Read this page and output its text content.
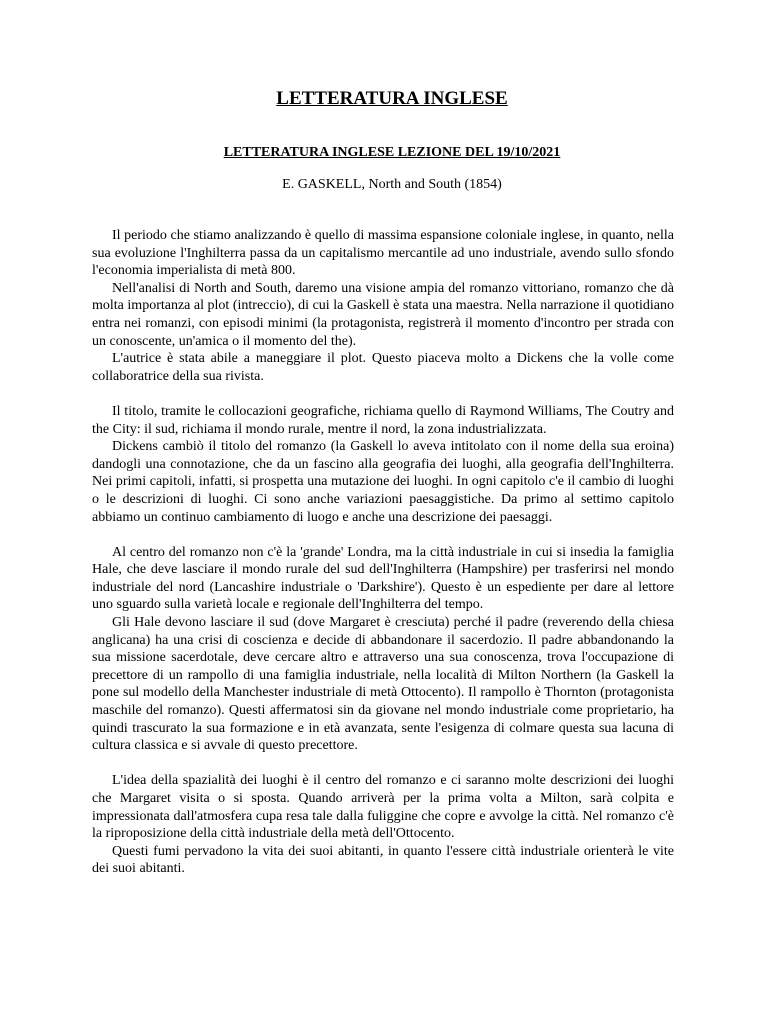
LETTERATURA INGLESE
LETTERATURA INGLESE LEZIONE DEL 19/10/2021

E. GASKELL, North and South (1854)

Il periodo che stiamo analizzando è quello di massima espansione coloniale inglese, in quanto, nella sua evoluzione l'Inghilterra passa da un capitalismo mercantile ad uno industriale, avendo sullo sfondo l'economia imperialista di metà 800.

Nell'analisi di North and South, daremo una visione ampia del romanzo vittoriano, romanzo che dà molta importanza al plot (intreccio), di cui la Gaskell è stata una maestra. Nella narrazione il quotidiano entra nei romanzi, con episodi minimi (la protagonista, registrerà il momento d'incontro per strada con un conoscente, un'amica o il momento del the).

L'autrice è stata abile a maneggiare il plot. Questo piaceva molto a Dickens che la volle come collaboratrice della sua rivista.

Il titolo, tramite le collocazioni geografiche, richiama quello di Raymond Williams, The Coutry and the City: il sud, richiama il mondo rurale, mentre il nord, la zona industrializzata.

Dickens cambiò il titolo del romanzo (la Gaskell lo aveva intitolato con il nome della sua eroina) dandogli una connotazione, che da un fascino alla geografia dei luoghi, alla geografia dell'Inghilterra. Nei primi capitoli, infatti, si prospetta una mutazione dei luoghi. In ogni capitolo c'e il cambio di luoghi o le descrizioni di luoghi. Ci sono anche variazioni paesaggistiche. Da primo al settimo capitolo abbiamo un continuo cambiamento di luogo e anche una descrizione dei paesaggi.

Al centro del romanzo non c'è la 'grande' Londra, ma la città industriale in cui si insedia la famiglia Hale, che deve lasciare il mondo rurale del sud dell'Inghilterra (Hampshire) per trasferirsi nel mondo industriale del nord (Lancashire industriale o 'Darkshire'). Questo è un espediente per dare al lettore uno sguardo sulla varietà locale e regionale dell'Inghilterra del tempo.

Gli Hale devono lasciare il sud (dove Margaret è cresciuta) perché il padre (reverendo della chiesa anglicana) ha una crisi di coscienza e decide di abbandonare il sacerdozio. Il padre abbandonando la sua missione sacerdotale, deve cercare altro e attraverso una sua conoscenza, trova l'occupazione di precettore di un rampollo di una famiglia industriale, nella località di Milton Northern (la Gaskell la pone sul modello della Manchester industriale di metà Ottocento). Il rampollo è Thornton (protagonista maschile del romanzo). Questi affermatosi sin da giovane nel mondo industriale come proprietario, ha quindi trascurato la sua formazione e in età avanzata, sente l'esigenza di colmare questa sua lacuna di cultura classica e si avvale di questo precettore.

L'idea della spazialità dei luoghi è il centro del romanzo e ci saranno molte descrizioni dei luoghi che Margaret visita o si sposta. Quando arriverà per la prima volta a Milton, sarà colpita e impressionata dall'atmosfera cupa resa tale dalla fuliggine che copre e avvolge la città. Nel romanzo c'è la riproposizione della città industriale della metà dell'Ottocento.

Questi fumi pervadono la vita dei suoi abitanti, in quanto l'essere città industriale orienterà le vite dei suoi abitanti.
